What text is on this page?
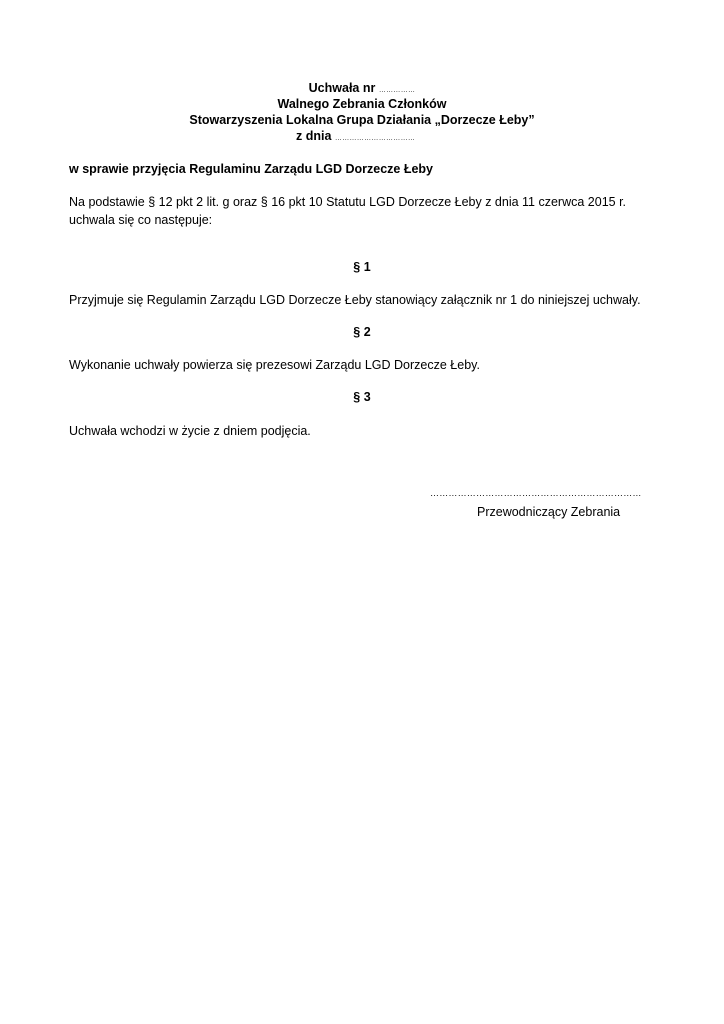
Uchwała nr ……………
Walnego Zebrania Członków
Stowarzyszenia Lokalna Grupa Działania „Dorzecze Łeby”
z dnia ……………………………
w sprawie przyjęcia Regulaminu Zarządu LGD Dorzecze Łeby
Na podstawie § 12 pkt 2 lit. g oraz § 16 pkt 10 Statutu LGD Dorzecze Łeby z dnia 11 czerwca 2015 r. uchwala się co następuje:
§ 1
Przyjmuje się Regulamin Zarządu LGD Dorzecze Łeby stanowiący załącznik nr 1 do niniejszej uchwały.
§ 2
Wykonanie uchwały powierza się prezesowi Zarządu LGD Dorzecze Łeby.
§ 3
Uchwała wchodzi w życie z dniem podjęcia.
……………………………………………………………
Przewodniczący Zebrania
